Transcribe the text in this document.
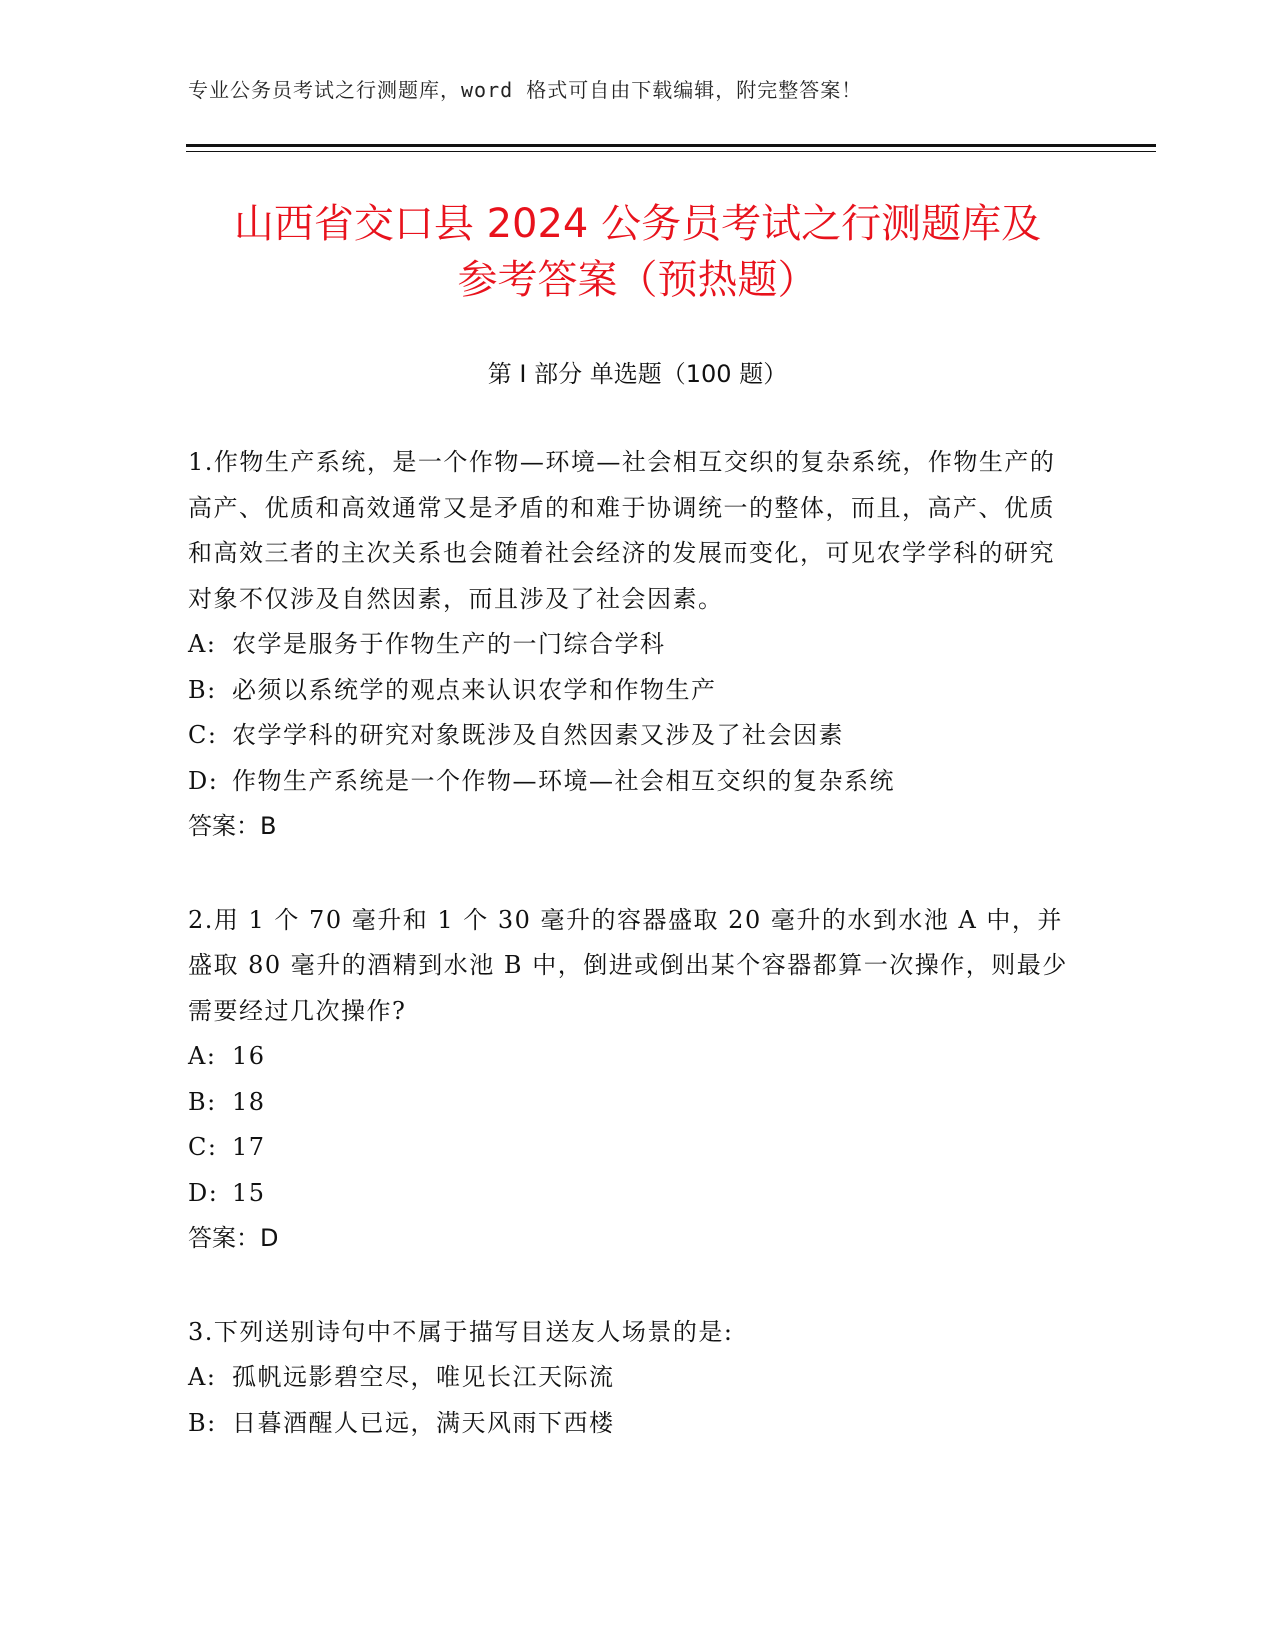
专业公务员考试之行测题库，word 格式可自由下载编辑，附完整答案！
山西省交口县 2024 公务员考试之行测题库及
参考答案（预热题）
第 I 部分 单选题（100 题）

1.作物生产系统，是一个作物—环境—社会相互交织的复杂系统，作物生产的高产、优质和高效通常又是矛盾的和难于协调统一的整体，而且，高产、优质和高效三者的主次关系也会随着社会经济的发展而变化，可见农学学科的研究对象不仅涉及自然因素，而且涉及了社会因素。

A: 农学是服务于作物生产的一门综合学科

B: 必须以系统学的观点来认识农学和作物生产

C: 农学学科的研究对象既涉及自然因素又涉及了社会因素

D: 作物生产系统是一个作物—环境—社会相互交织的复杂系统

答案：B

2.用 1 个 70 毫升和 1 个 30 毫升的容器盛取 20 毫升的水到水池 A 中，并盛取 80 毫升的酒精到水池 B 中，倒进或倒出某个容器都算一次操作，则最少需要经过几次操作?

A: 16

B: 18

C: 17

D: 15

答案：D

3.下列送别诗句中不属于描写目送友人场景的是:

A: 孤帆远影碧空尽，唯见长江天际流

B: 日暮酒醒人已远，满天风雨下西楼
